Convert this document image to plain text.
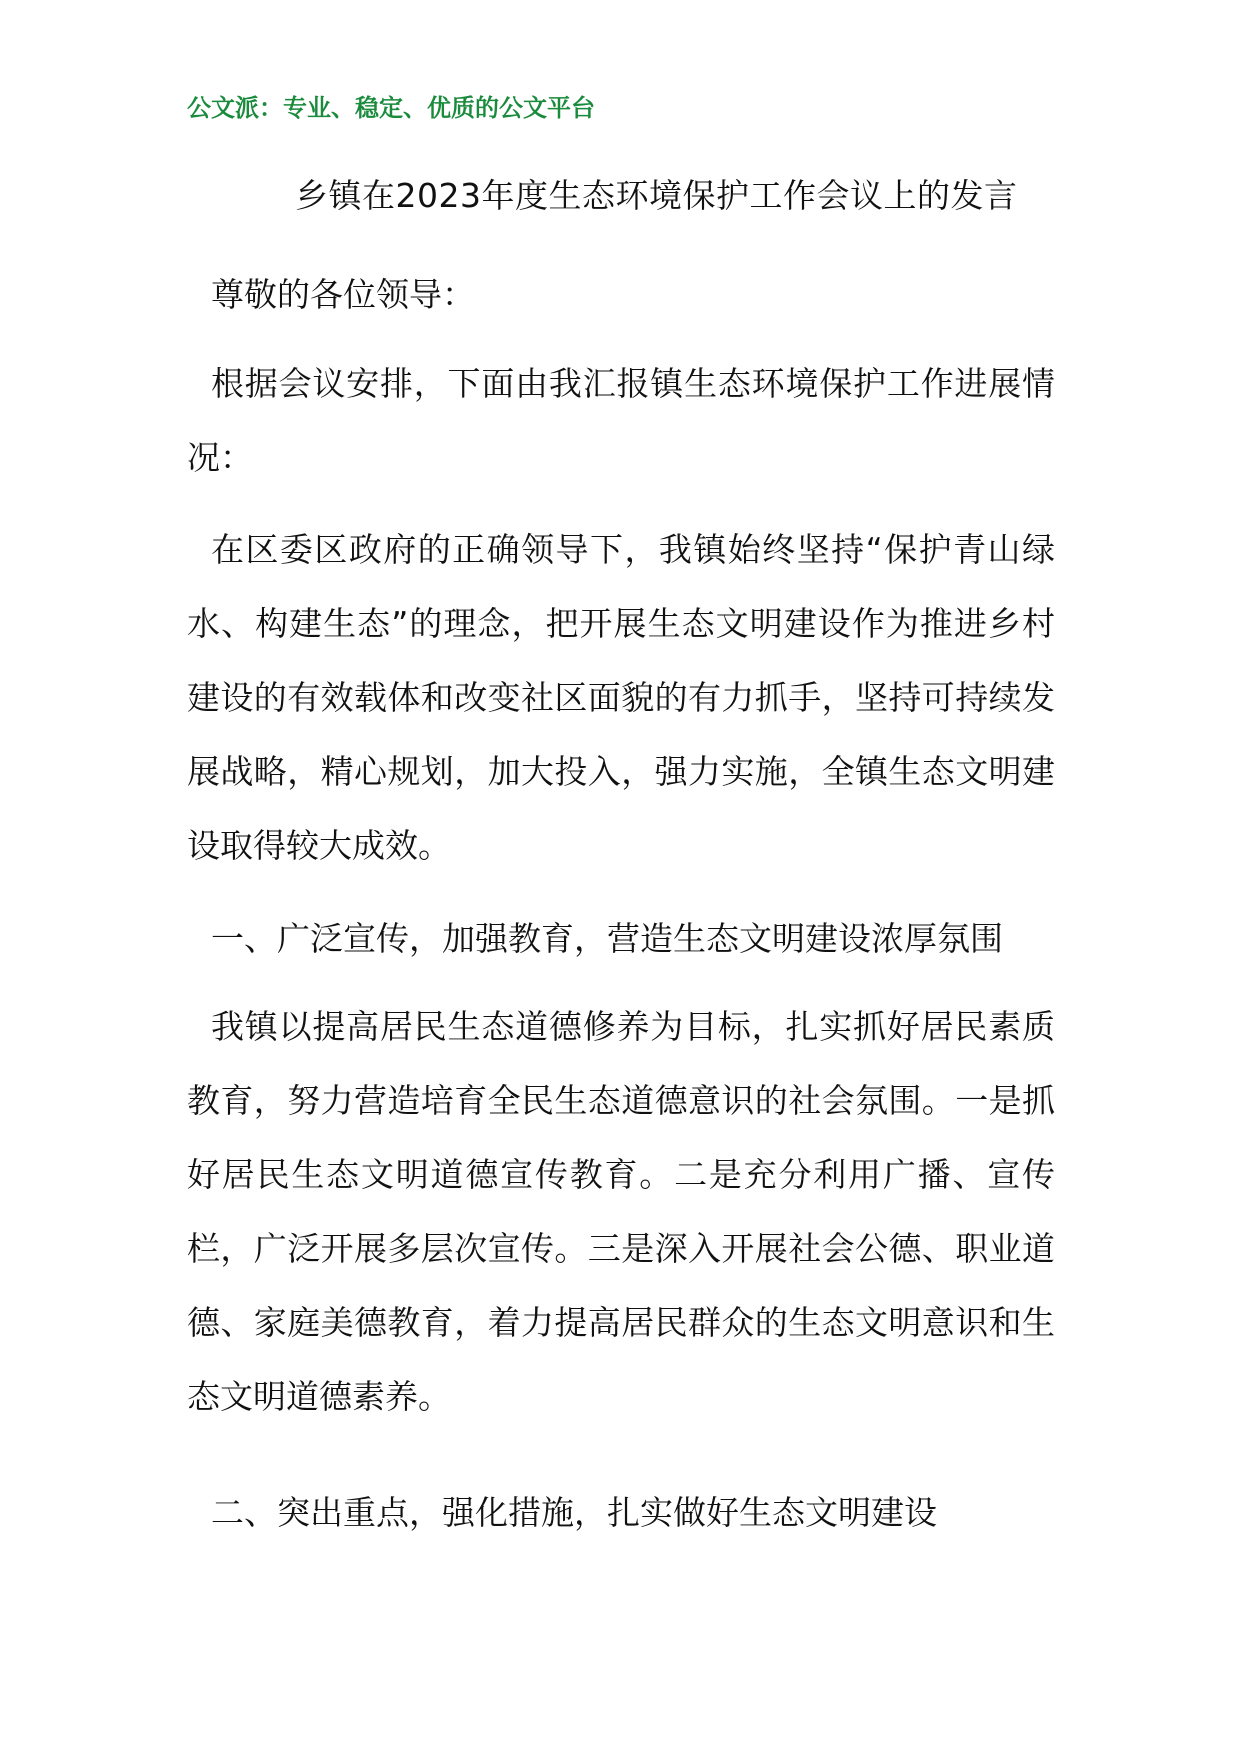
公文派：专业、稳定、优质的公文平台
乡镇在2023年度生态环境保护工作会议上的发言

尊敬的各位领导：

根据会议安排，下面由我汇报镇生态环境保护工作进展情况：

在区委区政府的正确领导下，我镇始终坚持“保护青山绿水、构建生态”的理念，把开展生态文明建设作为推进乡村建设的有效载体和改变社区面貌的有力抓手，坚持可持续发展战略，精心规划，加大投入，强力实施，全镇生态文明建设取得较大成效。

一、广泛宣传，加强教育，营造生态文明建设浓厚氛围

我镇以提高居民生态道德修养为目标，扎实抓好居民素质教育，努力营造培育全民生态道德意识的社会氛围。一是抓好居民生态文明道德宣传教育。二是充分利用广播、宣传栏，广泛开展多层次宣传。三是深入开展社会公德、职业道德、家庭美德教育，着力提高居民群众的生态文明意识和生态文明道德素养。

二、突出重点，强化措施，扎实做好生态文明建设
